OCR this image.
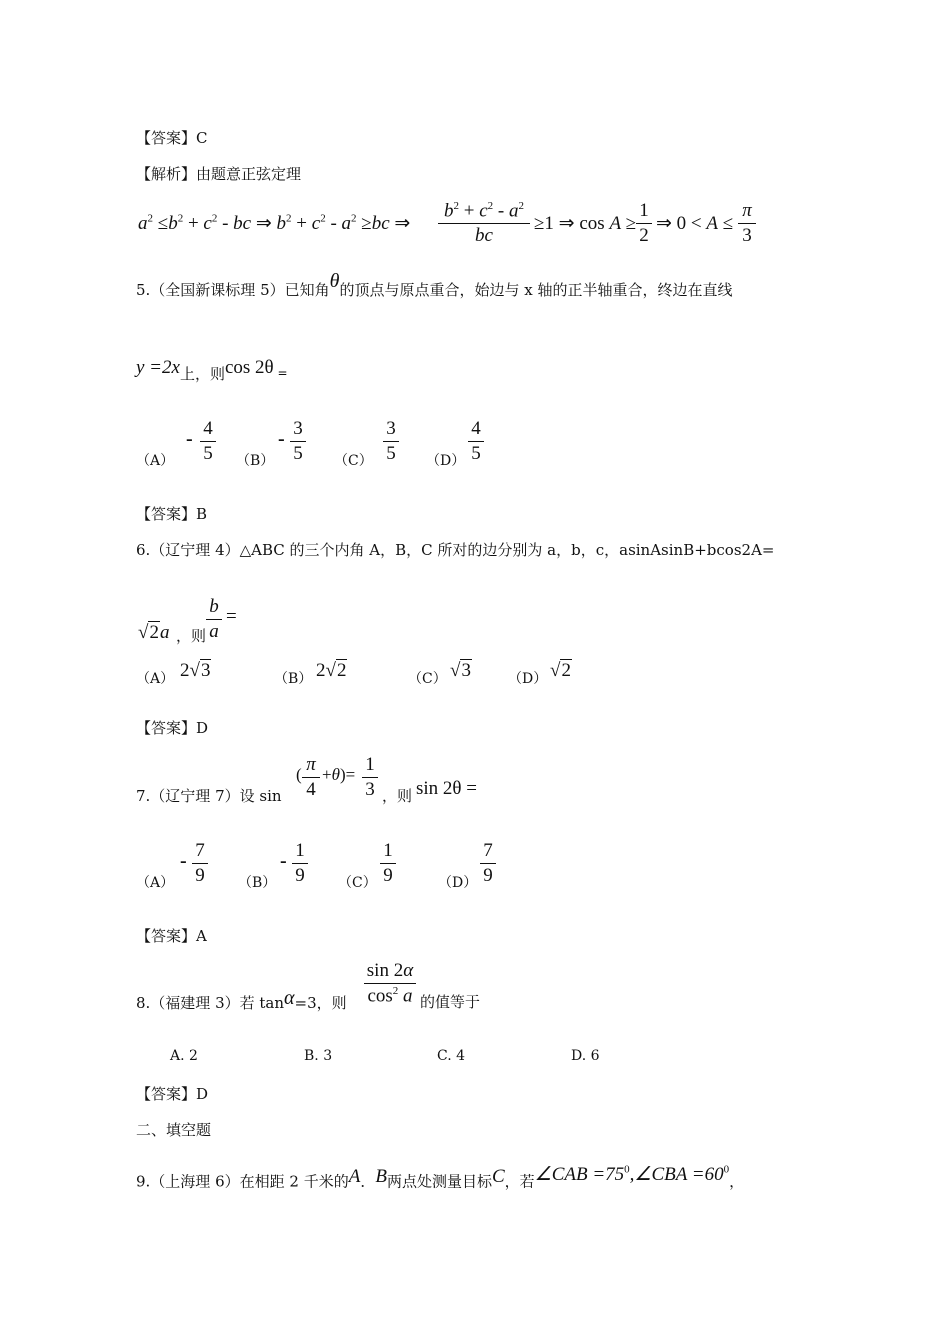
【答案】C
【解析】由题意正弦定理
$a^2 \le b^2 + c^2$ - bc ⇒ $b^2 + c^2 - a^2 \ge bc$ ⇒
$b^2 + c^2 - a^2$
bc
≥1 ⇒ cos A ≥
1
2
⇒ 0 < A ≤
π
3
5.（全国新课标理 5）已知角θ的顶点与原点重合，始边与 x 轴的正半轴重合，终边在直线
y =2x上，则cos 2θ $_=$
（A）
- 4
5 （B）
- 3
5 （C）
3
5 （D）
4
5
【答案】B
6.（辽宁理 4）△ABC 的三个内角 A，B，C 所对的边分别为 a，b，c，asinAsinB+bcos2A=
√2a ，则
b
a
=
（A） 2√3	（B） 2√2	（C） √3	（D） √2
【答案】D
7.（辽宁理 7）设 sin
( π
4
+θ)= 1
3 ，则 sin 2θ =
（A）
- 7
9 （B）
- 1
9 （C）
1
9	（D）
7
9
【答案】A
8.（福建理 3）若 tanα=3，则
sin 2α
$\cos^2 a$ 的值等于
A. 2	B. 3	C. 4	D. 6
【答案】D
二、填空题
9.（上海理 6）在相距 2 千米的A．B两点处测量目标C，若∠CAB $=75^0,\angle CBA =60^0$，
